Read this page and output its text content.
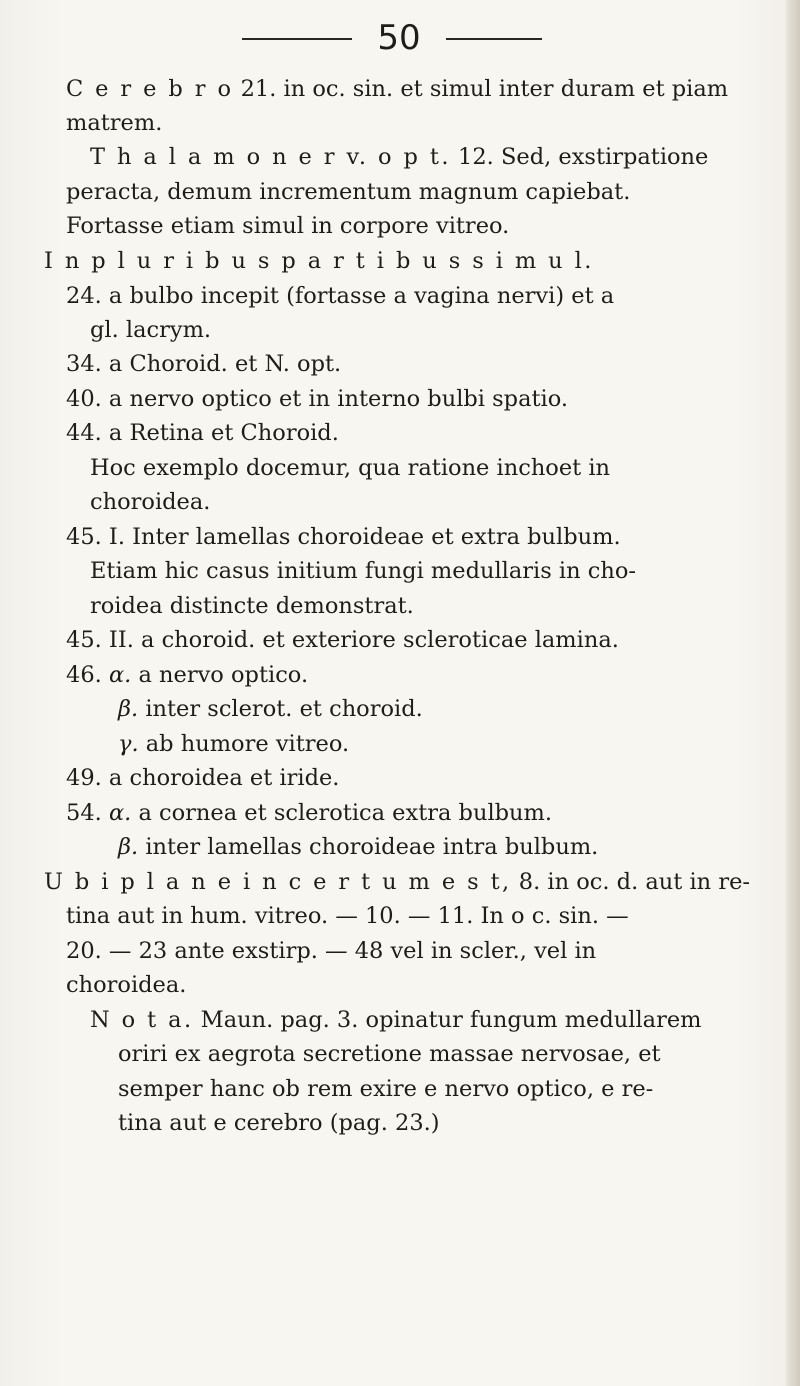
50
C e r e b r o 21. in oc. sin. et simul inter duram et piam
matrem.
T h a l a m o n e r v. o p t. 12. Sed, exstirpatione
peracta, demum incrementum magnum capiebat.
Fortasse etiam simul in corpore vitreo.
I n p l u r i b u s p a r t i b u s s i m u l.
24. a bulbo incepit (fortasse a vagina nervi) et a
gl. lacrym.
34. a Choroid. et N. opt.
40. a nervo optico et in interno bulbi spatio.
44. a Retina et Choroid.
Hoc exemplo docemur, qua ratione inchoet in
choroidea.
45. I. Inter lamellas choroideae et extra bulbum.
Etiam hic casus initium fungi medullaris in cho-
roidea distincte demonstrat.
45. II. a choroid. et exteriore scleroticae lamina.
46. α. a nervo optico.
β. inter sclerot. et choroid.
γ. ab humore vitreo.
49. a choroidea et iride.
54. α. a cornea et sclerotica extra bulbum.
β. inter lamellas choroideae intra bulbum.
U b i p l a n e i n c e r t u m e s t, 8. in oc. d. aut in re-
tina aut in hum. vitreo. — 10. — 11. In o c. sin. —
20. — 23 ante exstirp. — 48 vel in scler., vel in
choroidea.
N o t a. Maun. pag. 3. opinatur fungum medullarem
oriri ex aegrota secretione massae nervosae, et
semper hanc ob rem exire e nervo optico, e re-
tina aut e cerebro (pag. 23.)
